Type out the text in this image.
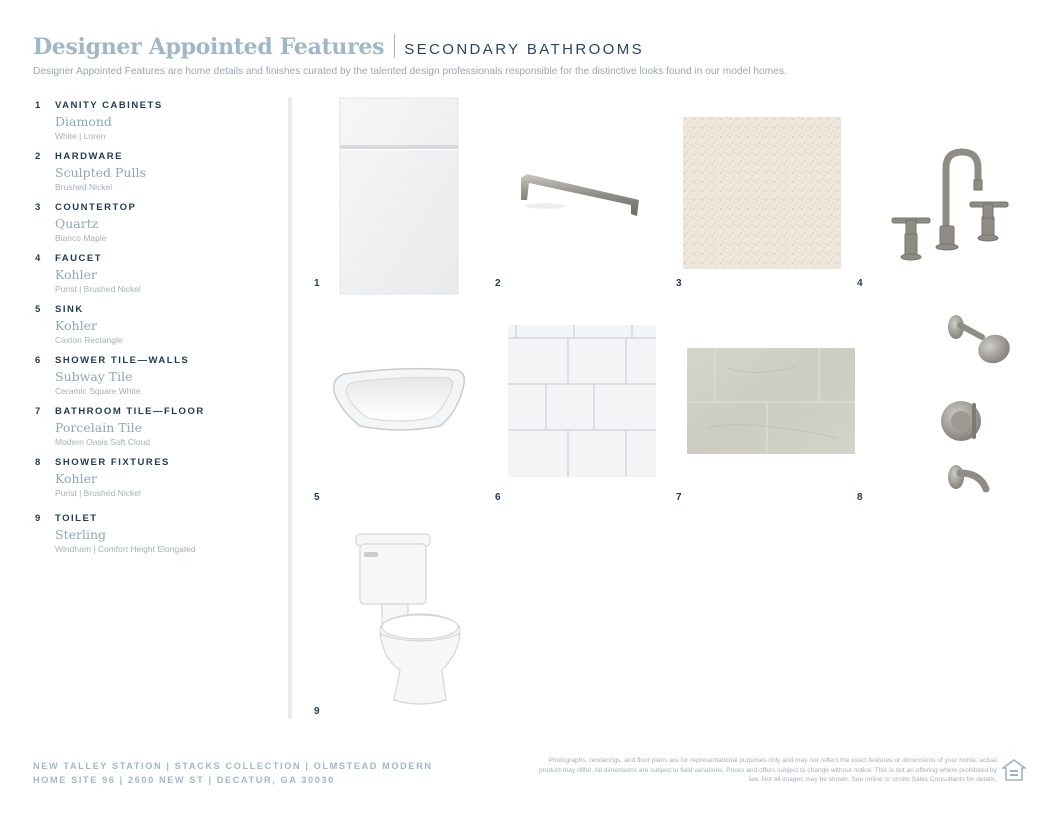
Designer Appointed Features SECONDARY BATHROOMS
Designer Appointed Features are home details and finishes curated by the talented design professionals responsible for the distinctive looks found in our model homes.
1 VANITY CABINETS
Diamond
White | Loren
2 HARDWARE
Sculpted Pulls
Brushed Nickel
3 COUNTERTOP
Quartz
Bianco Maple
4 FAUCET
Kohler
Purist | Brushed Nickel
5 SINK
Kohler
Caxton Rectangle
6 SHOWER TILE—WALLS
Subway Tile
Ceramic Square White
7 BATHROOM TILE—FLOOR
Porcelain Tile
Modern Oasis Soft Cloud
8 SHOWER FIXTURES
Kohler
Purist | Brushed Nickel
9 TOILET
Sterling
Windham | Comfort Height Elongated
1	2	3	4
5	6	7	8
9
NEW TALLEY STATION | STACKS COLLECTION | OLMSTEAD MODERN
HOME SITE 96 | 2600 NEW ST | DECATUR, GA 30030
Photographs, renderings, and floor plans are for representational purposes only and may not reflect the exact features or dimensions of your home; actual product may differ. All dimensions are subject to field variations. Prices and offers subject to change without notice. This is not an offering where prohibited by law. Not all images may be shown. See online or onsite Sales Consultants for details.
